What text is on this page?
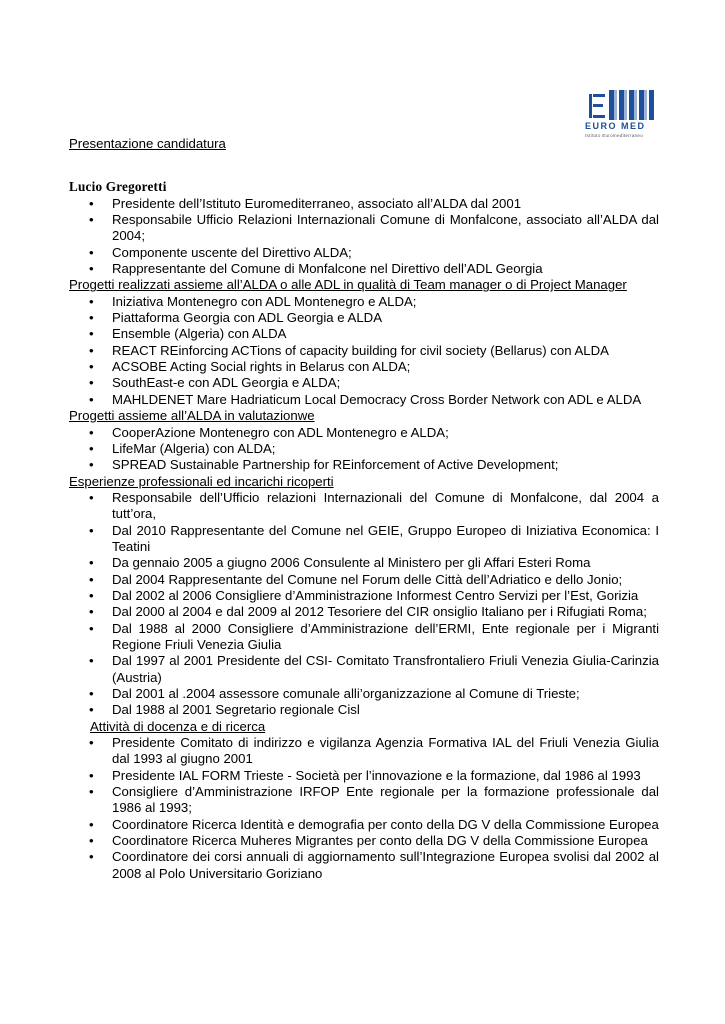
EURO MED
Istituto Euromediterraneo
Presentazione candidatura
Lucio Gregoretti
• Presidente dell’Istituto Euromediterraneo, associato all’ALDA dal 2001
• Responsabile Ufficio Relazioni Internazionali Comune di Monfalcone, associato all’ALDA dal 2004;
• Componente uscente del Direttivo ALDA;
• Rappresentante del Comune di Monfalcone nel Direttivo dell’ADL Georgia
Progetti realizzati assieme all’ALDA o alle ADL in qualità di Team manager o di Project Manager
• Iniziativa Montenegro con ADL Montenegro e ALDA;
• Piattaforma Georgia con ADL Georgia e ALDA
• Ensemble (Algeria) con ALDA
• REACT REinforcing ACTions of capacity building for civil society (Bellarus) con ALDA
• ACSOBE Acting Social rights in Belarus con ALDA;
• SouthEast-e con ADL Georgia e ALDA;
• MAHLDENET Mare Hadriaticum Local Democracy Cross Border Network con ADL e ALDA
Progetti assieme all’ALDA in valutazionwe
• CooperAzione Montenegro con ADL Montenegro e ALDA;
• LifeMar (Algeria) con ALDA;
• SPREAD Sustainable Partnership for REinforcement of Active Development;
Esperienze professionali ed incarichi ricoperti
• Responsabile dell’Ufficio relazioni Internazionali del Comune di Monfalcone, dal 2004 a tutt’ora,
• Dal 2010 Rappresentante del Comune nel GEIE, Gruppo Europeo di Iniziativa Economica: I Teatini
• Da gennaio 2005 a giugno 2006 Consulente al Ministero per gli Affari Esteri Roma
• Dal 2004 Rappresentante del Comune nel Forum delle Città dell’Adriatico e dello Jonio;
• Dal 2002 al 2006 Consigliere d’Amministrazione Informest Centro Servizi per l’Est, Gorizia
• Dal 2000 al 2004 e dal 2009 al 2012 Tesoriere del CIR onsiglio Italiano per i Rifugiati Roma;
• Dal 1988 al 2000 Consigliere d’Amministrazione dell’ERMI, Ente regionale per i Migranti Regione Friuli Venezia Giulia
• Dal 1997 al 2001 Presidente del CSI- Comitato Transfrontaliero Friuli Venezia Giulia-Carinzia (Austria)
• Dal 2001 al .2004 assessore comunale alli’organizzazione al Comune di Trieste;
• Dal 1988 al 2001 Segretario regionale Cisl
Attività di docenza e di ricerca
• Presidente Comitato di indirizzo e vigilanza Agenzia Formativa IAL del Friuli Venezia Giulia dal 1993 al giugno 2001
• Presidente IAL FORM Trieste - Società per l’innovazione e la formazione, dal 1986 al 1993
• Consigliere d’Amministrazione IRFOP Ente regionale per la formazione professionale dal 1986 al 1993;
• Coordinatore Ricerca Identità e demografia per conto della DG V della Commissione Europea
• Coordinatore Ricerca Muheres Migrantes per conto della DG V della Commissione Europea
• Coordinatore dei corsi annuali di aggiornamento sull’Integrazione Europea svolisi dal 2002 al 2008 al Polo Universitario Goriziano
